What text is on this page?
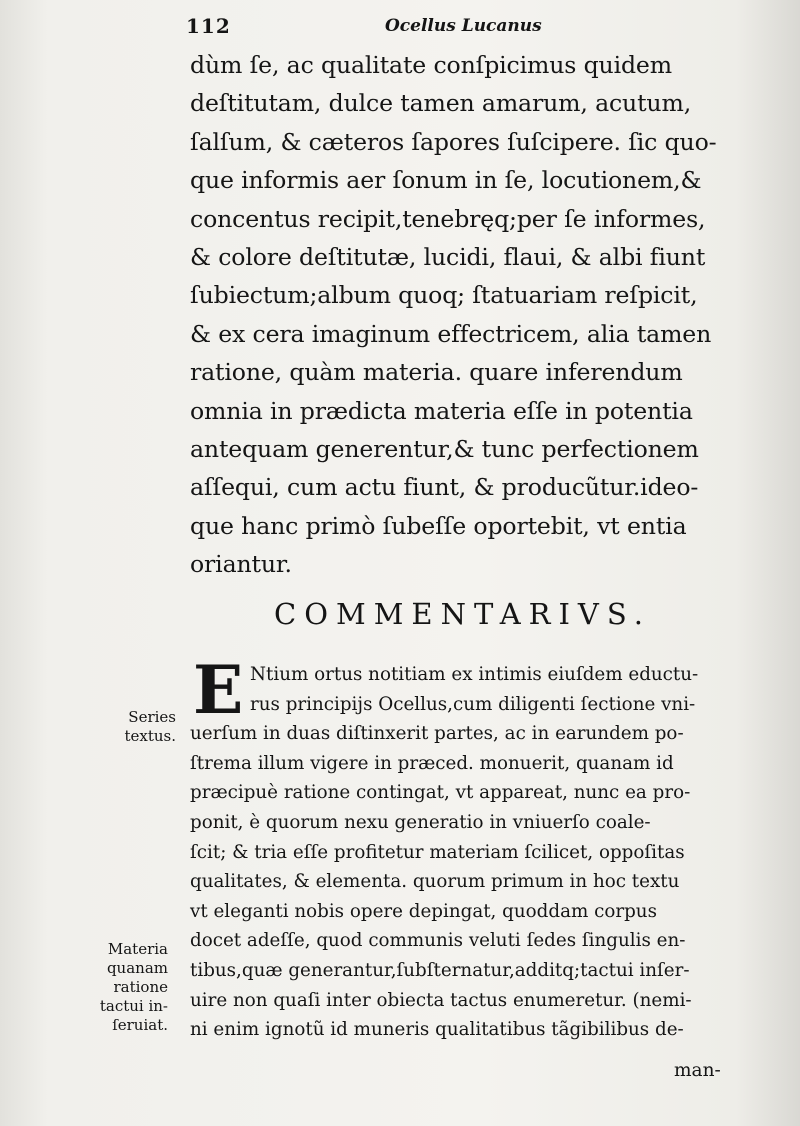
112	Ocellus Lucanus
dùm ſe, ac qualitate conſpicimus quidem
deſtitutam, dulce tamen amarum, acutum,
ſalſum, & cæteros ſapores ſuſcipere. ſic quo-
que informis aer ſonum in ſe, locutionem,&
concentus recipit,tenebręq;per ſe informes,
& colore deſtitutæ, lucidi, flaui, & albi fiunt
ſubiectum;album quoq; ſtatuariam reſpicit,
& ex cera imaginum effectricem, alia tamen
ratione, quàm materia. quare inferendum
omnia in prædicta materia eſſe in potentia
antequam generentur,& tunc perfectionem
aſſequi, cum actu fiunt, & producũtur.ideo-
que hanc primò ſubeſſe oportebit, vt entia
oriantur.
COMMENTARIVS.
E Ntium ortus notitiam ex intimis eiuſdem eductu-
rus principijs Ocellus,cum diligenti ſectione vni-
uerſum in duas diſtinxerit partes, ac in earundem po-
ſtrema illum vigere in præced. monuerit, quanam id
præcipuè ratione contingat, vt appareat, nunc ea pro-
ponit, è quorum nexu generatio in vniuerſo coale-
ſcit; & tria eſſe profitetur materiam ſcilicet, oppoſitas
qualitates, & elementa. quorum primum in hoc textu
vt eleganti nobis opere depingat, quoddam corpus
docet adeſſe, quod communis veluti ſedes ſingulis en-
tibus,quæ generantur,ſubſternatur,additq;tactui inſer-
uire non quaſi inter obiecta tactus enumeretur. (nemi-
ni enim ignotũ id muneris qualitatibus tãgibilibus de-
Series
textus.
Materia
quanam
ratione
tactui in-
ſeruiat.
man-
